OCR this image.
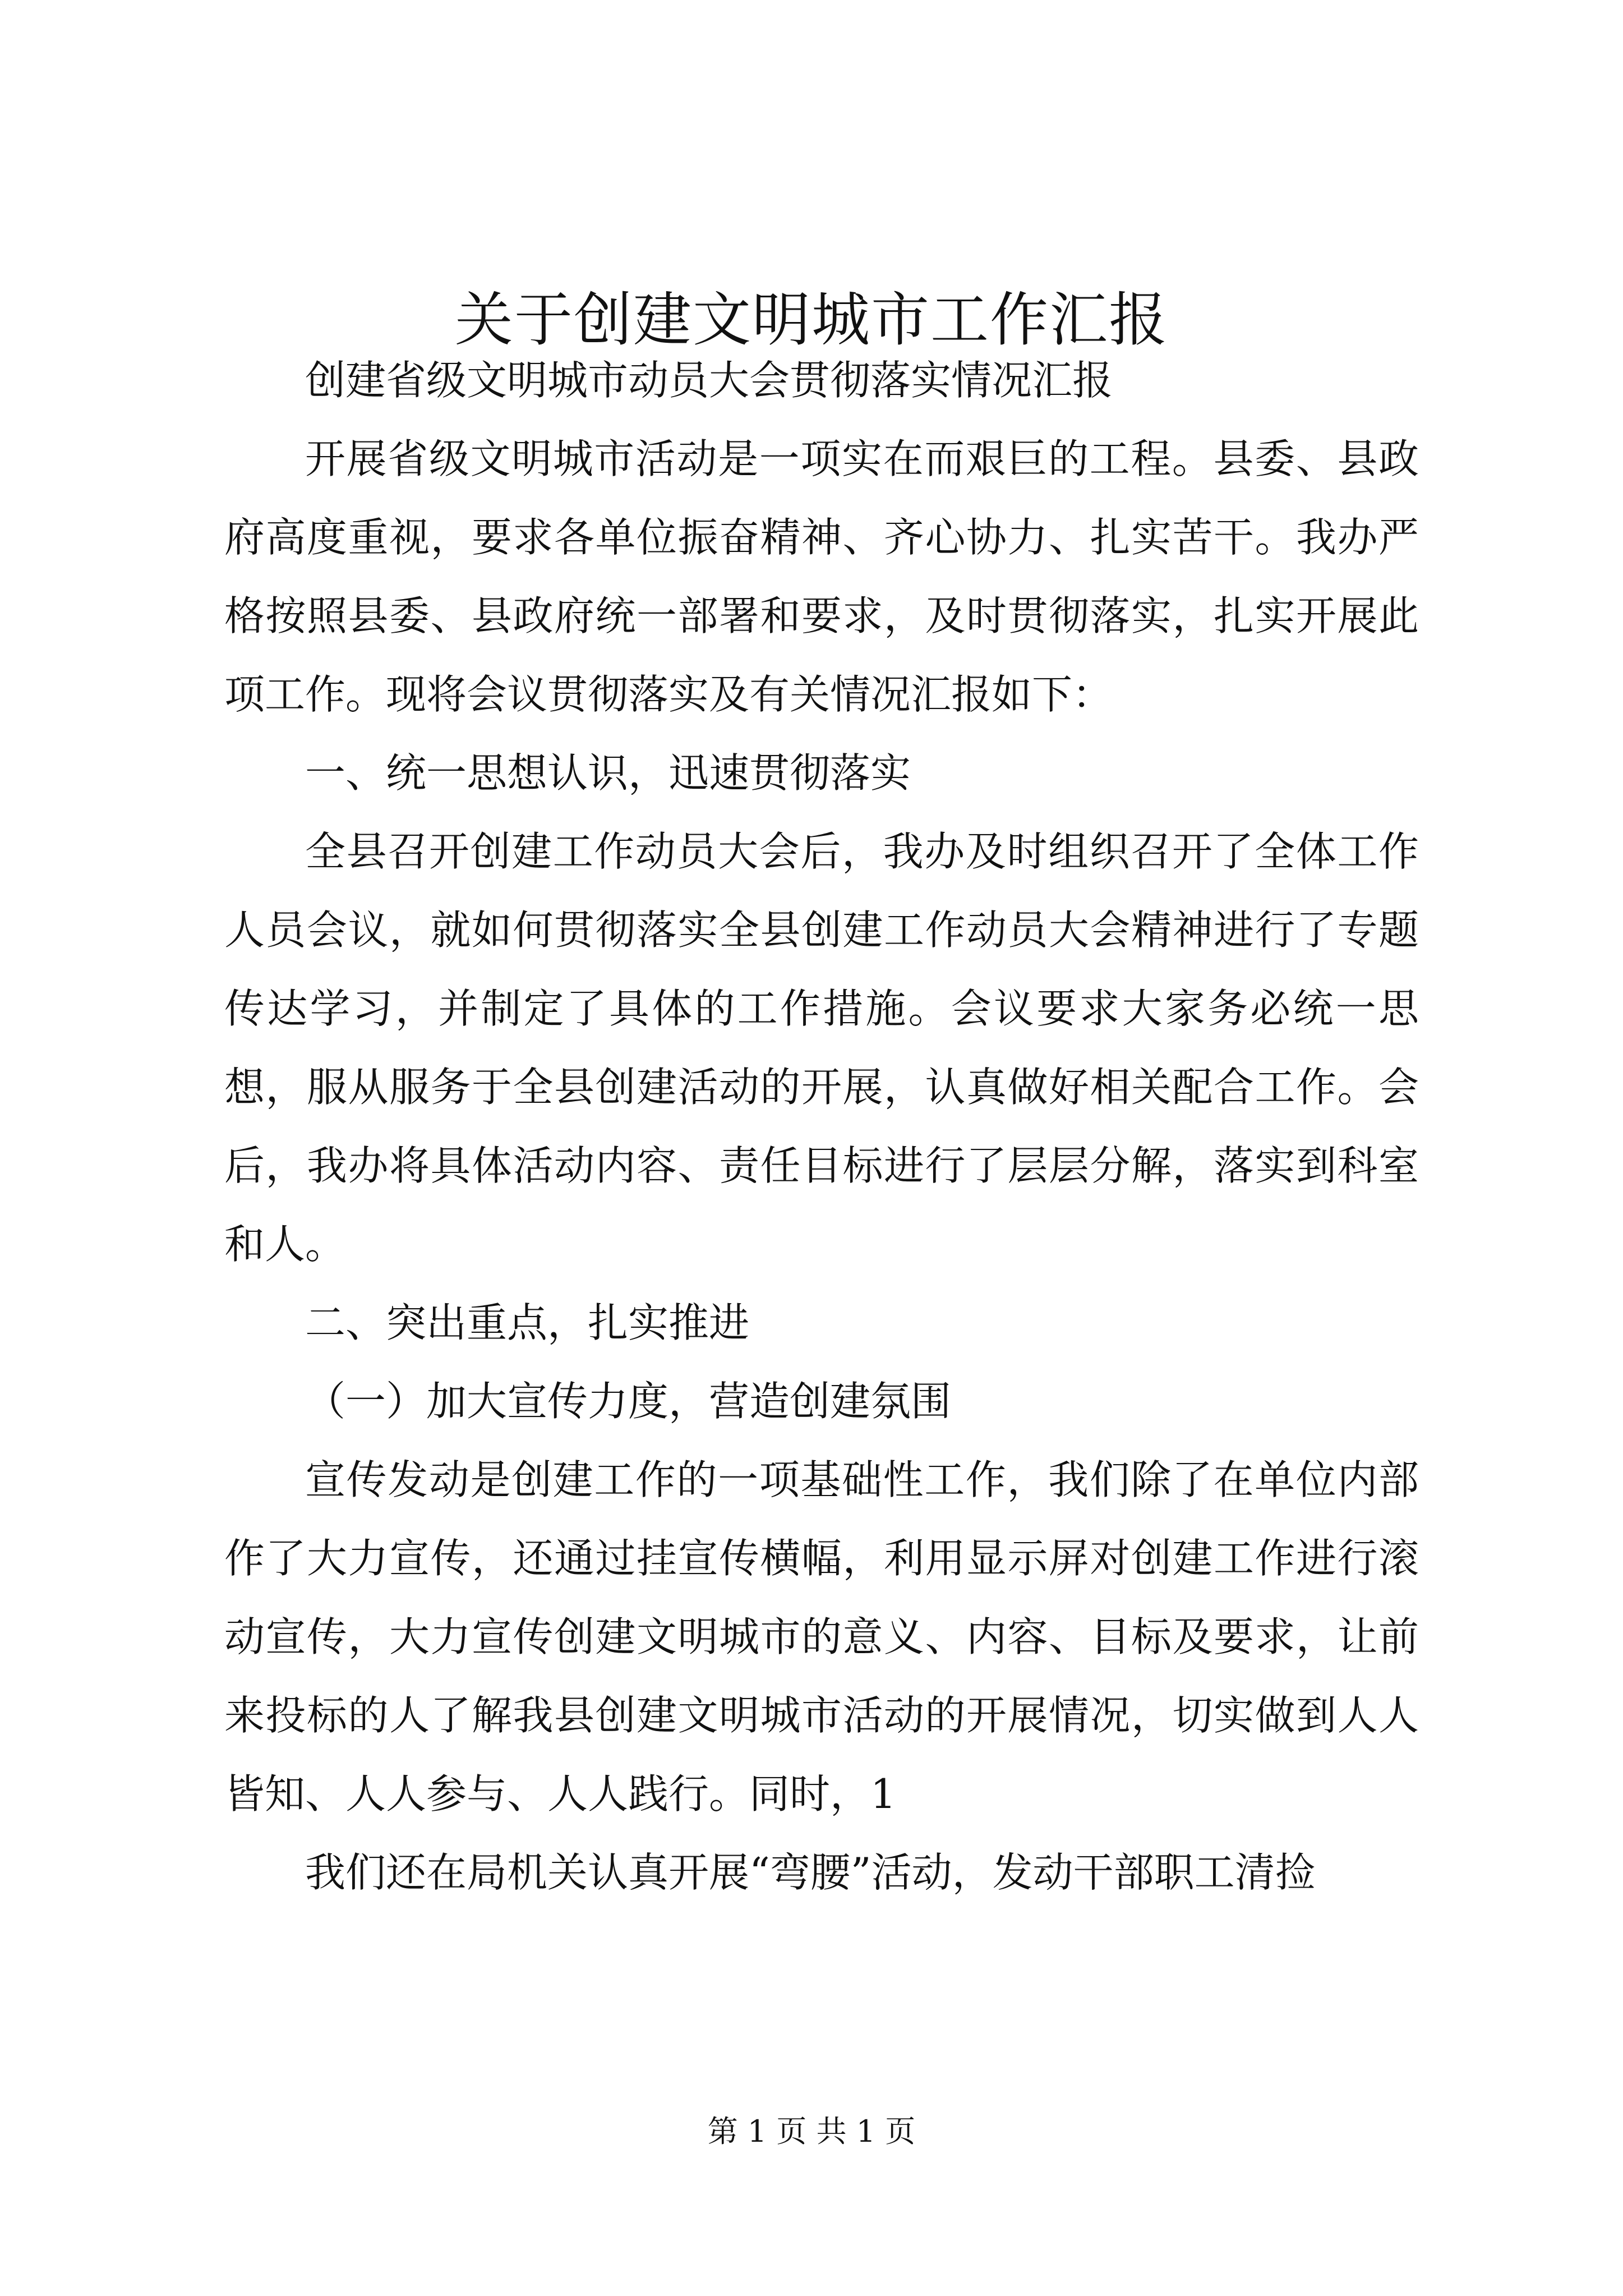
关于创建文明城市工作汇报

创建省级文明城市动员大会贯彻落实情况汇报

开展省级文明城市活动是一项实在而艰巨的工程。县委、县政府高度重视，要求各单位振奋精神、齐心协力、扎实苦干。我办严格按照县委、县政府统一部署和要求，及时贯彻落实，扎实开展此项工作。现将会议贯彻落实及有关情况汇报如下：

一、统一思想认识，迅速贯彻落实

全县召开创建工作动员大会后，我办及时组织召开了全体工作人员会议，就如何贯彻落实全县创建工作动员大会精神进行了专题传达学习，并制定了具体的工作措施。会议要求大家务必统一思想，服从服务于全县创建活动的开展，认真做好相关配合工作。会后，我办将具体活动内容、责任目标进行了层层分解，落实到科室和人。

二、突出重点，扎实推进

（一）加大宣传力度，营造创建氛围

宣传发动是创建工作的一项基础性工作，我们除了在单位内部作了大力宣传，还通过挂宣传横幅，利用显示屏对创建工作进行滚动宣传，大力宣传创建文明城市的意义、内容、目标及要求，让前来投标的人了解我县创建文明城市活动的开展情况，切实做到人人皆知、人人参与、人人践行。同时，1

我们还在局机关认真开展“弯腰”活动，发动干部职工清捡

第 1 页 共 1 页
